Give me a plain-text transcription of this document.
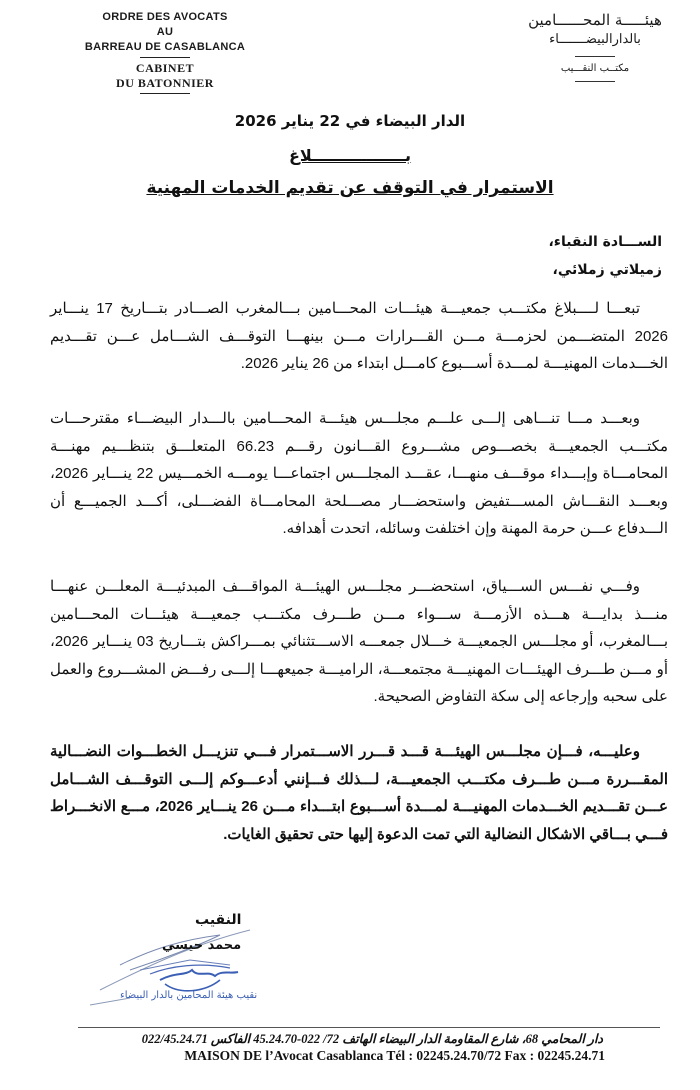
ORDRE DES AVOCATS
AU
BARREAU DE CASABLANCA
CABINET
DU BATONNIER
هيئـــــة المحــــــامين
بالدارالبيضـــــــاء
مكتــب النقـــيب
الدار البيضاء في 22 يناير 2026
بـــــــــــــــــلاغ
الاستمرار في التوقف عن تقديم الخدمات المهنية
الســـادة النقباء،
زميلاتي زملائي،

تبعـــا لــــبلاغ مكتـــب جمعيـــة هيئـــات المحـــامين بـــالمغرب الصـــادر بتـــاريخ 17 ينـــاير 2026 المتضـــمن لحزمـــة مـــن القـــرارات مـــن بينهـــا التوقـــف الشـــامل عـــن تقـــديم الخـــدمات المهنيـــة لمـــدة أســـبوع كامـــل ابتداء من 26 يناير 2026.

وبعـــد مـــا تنـــاهى إلـــى علـــم مجلـــس هيئـــة المحـــامين بالـــدار البيضـــاء مقترحـــات مكتـــب الجمعيـــة بخصـــوص مشـــروع القـــانون رقـــم 66.23 المتعلـــق بتنظـــيم مهنـــة المحامـــاة وإبـــداء موقـــف منهـــا، عقـــد المجلـــس اجتماعـــا يومـــه الخمـــيس 22 ينـــاير 2026، وبعـــد النقـــاش المســـتفيض واستحضـــار مصـــلحة المحامـــاة الفضـــلى، أكـــد الجميـــع أن الـــدفاع عـــن حرمة المهنة وإن اختلفت وسائله، اتحدت أهدافه.

وفـــي نفـــس الســـياق، استحضـــر مجلـــس الهيئـــة المواقـــف المبدئيـــة المعلـــن عنهـــا منـــذ بدايـــة هـــذه الأزمـــة ســـواء مـــن طـــرف مكتـــب جمعيـــة هيئـــات المحـــامين بـــالمغرب، أو مجلـــس الجمعيـــة خـــلال جمعـــه الاســـتثنائي بمـــراكش بتـــاريخ 03 ينـــاير 2026، أو مـــن طـــرف الهيئـــات المهنيـــة مجتمعـــة، الراميـــة جميعهـــا إلـــى رفـــض المشـــروع والعمل على سحبه وإرجاعه إلى سكة التفاوض الصحيحة.

وعليـــه، فـــإن مجلـــس الهيئـــة قـــد قـــرر الاســـتمرار فـــي تنزيـــل الخطـــوات النضـــالية المقـــررة مـــن طـــرف مكتـــب الجمعيـــة، لـــذلك فـــإنني أدعـــوكم إلـــى التوقـــف الشـــامل عـــن تقـــديم الخـــدمات المهنيـــة لمـــدة أســـبوع ابتـــداء مـــن 26 ينـــاير 2026، مـــع الانخـــراط فـــي بـــاقي الاشكال النضالية التي تمت الدعوة إليها حتى تحقيق الغايات.

النقيب
محمد حيسي
نقيب هيئة المحامين بالدار البيضاء
دار المحامي 68، شارع المقاومة الدار البيضاء الهاتف 72/ 022-45.24.70 الفاكس 022/45.24.71
MAISON DE l’Avocat Casablanca Tél : 02245.24.70/72 Fax : 02245.24.71
